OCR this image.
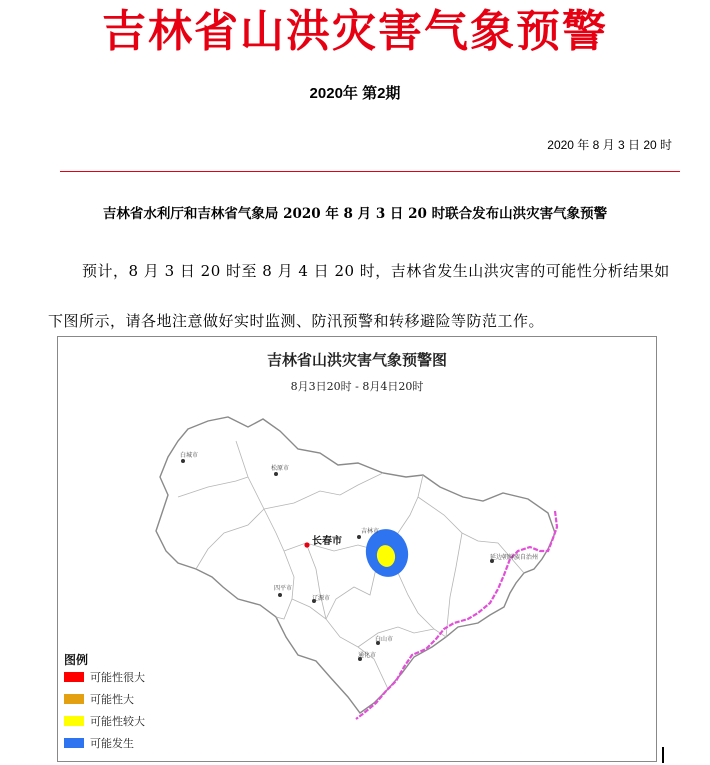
吉林省山洪灾害气象预警
2020年 第2期
2020 年 8 月 3 日 20 时
吉林省水利厅和吉林省气象局 2020 年 8 月 3 日 20 时联合发布山洪灾害气象预警
预计，8 月 3 日 20 时至 8 月 4 日 20 时，吉林省发生山洪灾害的可能性分析结果如下图所示，请各地注意做好实时监测、防汛预警和转移避险等防范工作。
吉林省山洪灾害气象预警图
8月3日20时 - 8月4日20时
白城市
松原市
吉林市
四平市
辽源市
白山市
通化市
延边朝鲜族自治州
长春市
图例
可能性很大
可能性大
可能性较大
可能发生
